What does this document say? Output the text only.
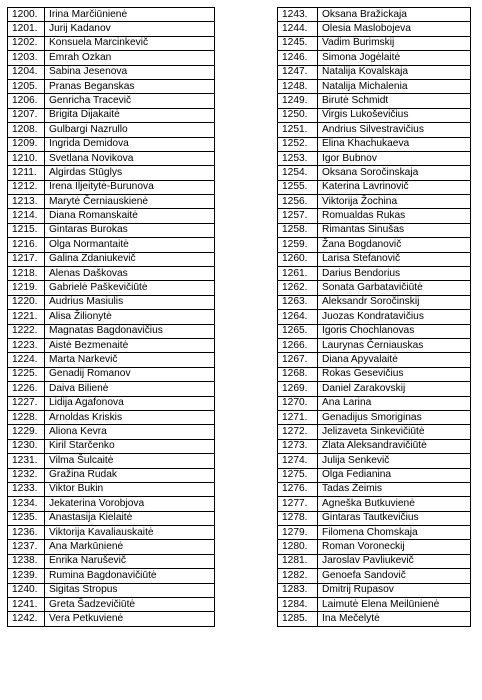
1200.	Irina Marčiūnienė
1201.	Jurij Kadanov
1202.	Konsuela Marcinkevič
1203.	Emrah Ozkan
1204.	Sabina Jesenova
1205.	Pranas Beganskas
1206.	Genricha Tracevič
1207.	Brigita Dijakaitė
1208.	Gulbargi Nazrullo
1209.	Ingrida Demidova
1210.	Svetlana Novikova
1211.	Algirdas Stūglys
1212.	Irena Iljeitytė-Burunova
1213.	Marytė Černiauskienė
1214.	Diana Romanskaitė
1215.	Gintaras Burokas
1216.	Olga Normantaitė
1217.	Galina Zdaniukevič
1218.	Alenas Daškovas
1219.	Gabrielė Paškevičiūtė
1220.	Audrius Masiulis
1221.	Alisa Žilionytė
1222.	Magnatas Bagdonavičius
1223.	Aistė Bezmenaitė
1224.	Marta Narkevič
1225.	Genadij Romanov
1226.	Daiva Bilienė
1227.	Lidija Agafonova
1228.	Arnoldas Kriskis
1229.	Aliona Kevra
1230.	Kiril Starčenko
1231.	Vilma Šulcaitė
1232.	Gražina Rudak
1233.	Viktor Bukin
1234.	Jekaterina Vorobjova
1235.	Anastasija Kielaitė
1236.	Viktorija Kavaliauskaitė
1237.	Ana Markūnienė
1238.	Enrika Naruševič
1239.	Rumina Bagdonavičiūtė
1240.	Sigitas Stropus
1241.	Greta Šadzevičiūtė
1242.	Vera Petkuvienė
1243.	Oksana Bražickaja
1244.	Olesia Maslobojeva
1245.	Vadim Burimskij
1246.	Simona Jogėlaitė
1247.	Natalija Kovalskaja
1248.	Natalija Michalenia
1249.	Birutė Schmidt
1250.	Virgis Lukoševičius
1251.	Andrius Silvestravičius
1252.	Elina Khachukaeva
1253.	Igor Bubnov
1254.	Oksana Soročinskaja
1255.	Katerina Lavrinovič
1256.	Viktorija Žochina
1257.	Romualdas Rukas
1258.	Rimantas Sinušas
1259.	Žana Bogdanovič
1260.	Larisa Stefanovič
1261.	Darius Bendorius
1262.	Sonata Garbatavičiūtė
1263.	Aleksandr Soročinskij
1264.	Juozas Kondratavičius
1265.	Igoris Chochlanovas
1266.	Laurynas Černiauskas
1267.	Diana Apyvalaitė
1268.	Rokas Gesevičius
1269.	Daniel Zarakovskij
1270.	Ana Larina
1271.	Genadijus Smoriginas
1272.	Jelizaveta Sinkevičiūtė
1273.	Zlata Aleksandravičiūtė
1274.	Julija Senkevič
1275.	Olga Fedianina
1276.	Tadas Žeimis
1277.	Agneška Butkuvienė
1278.	Gintaras Tautkevičius
1279.	Filomena Chomskaja
1280.	Roman Voroneckij
1281.	Jaroslav Pavliukevič
1282.	Genoefa Sandovič
1283.	Dmitrij Rupasov
1284.	Laimutė Elena Meilūnienė
1285.	Ina Mečelytė
